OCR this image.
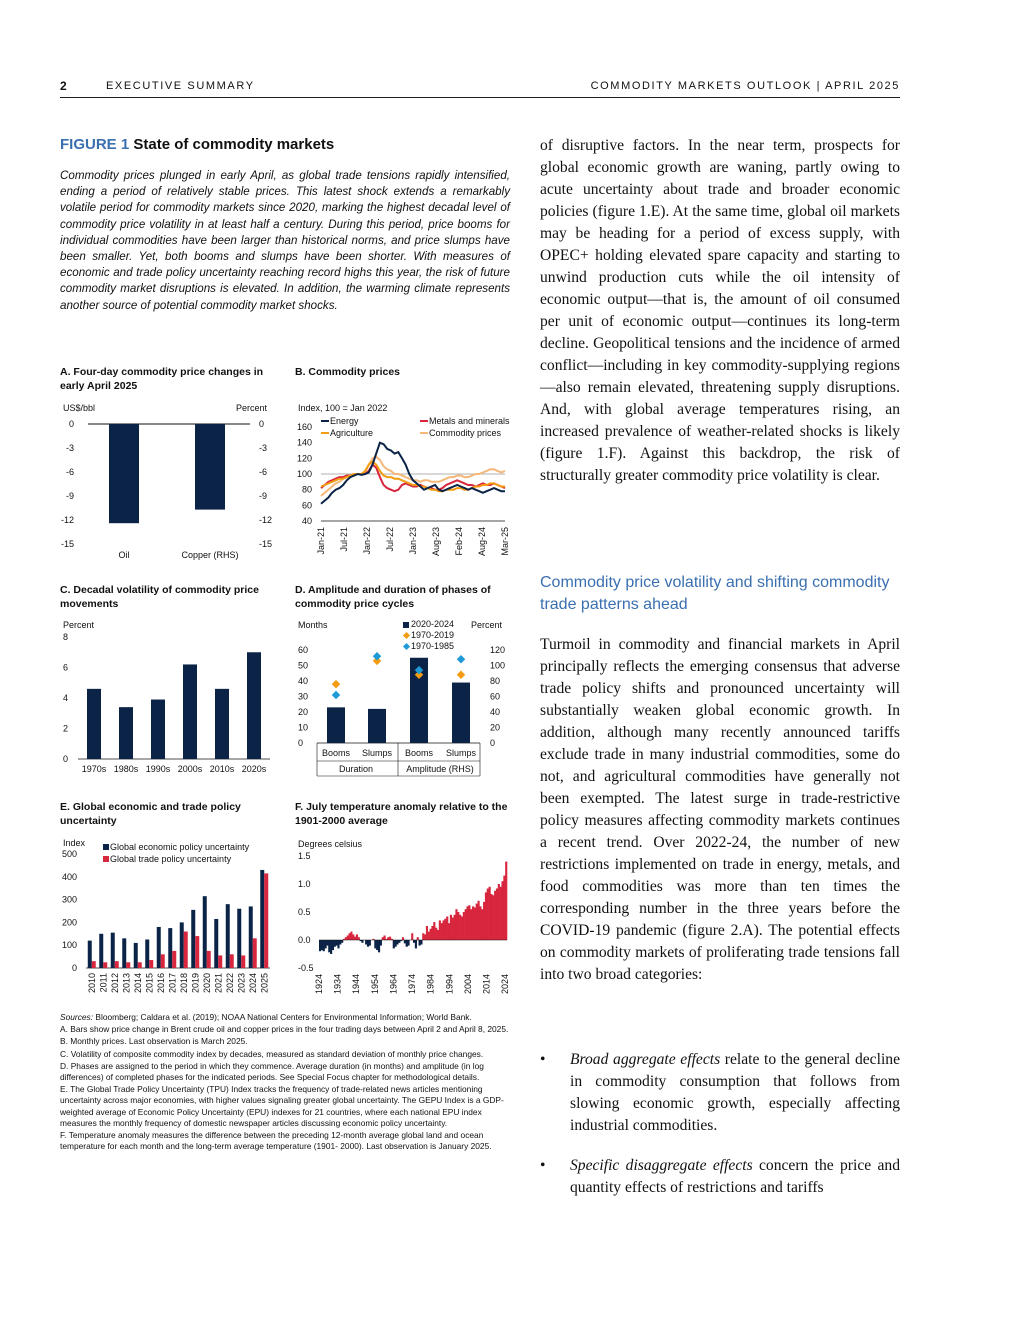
2	EXECUTIVE SUMMARY	COMMODITY MARKETS OUTLOOK | APRIL 2025
FIGURE 1 State of commodity markets
Commodity prices plunged in early April, as global trade tensions rapidly intensified, ending a period of relatively stable prices. This latest shock extends a remarkably volatile period for commodity markets since 2020, marking the highest decadal level of commodity price volatility in at least half a century. During this period, price booms for individual commodities have been larger than historical norms, and price slumps have been smaller. Yet, both booms and slumps have been shorter. With measures of economic and trade policy uncertainty reaching record highs this year, the risk of future commodity market disruptions is elevated. In addition, the warming climate represents another source of potential commodity market shocks.
A. Four-day commodity price changes in early April 2025
B. Commodity prices
C. Decadal volatility of commodity price movements
D. Amplitude and duration of phases of commodity price cycles
E. Global economic and trade policy uncertainty
F. July temperature anomaly relative to the 1901-2000 average
US$/bbl	Percent
0	0
-3	-3
-6	-6
-9	-9
-12	-12
-15	-15
Oil	Copper (RHS)
Index, 100 = Jan 2022
160
140
120
100
80
60
40
Energy	Metals and minerals
Agriculture	Commodity prices
Jan-21 Jul-21 Jan-22 Jul-22 Jan-23 Aug-23 Feb-24 Aug-24 Mar-25
Percent
8
6
4
2
0
1970s 1980s 1990s 2000s 2010s 2020s
Months	Percent
60
50
40
30
20
10
0
120
100
80
60
40
20
0
Booms Slumps Booms Slumps
Duration	Amplitude (RHS)
2020-2024
1970-2019
1970-1985
Index
500
400
300
200
100
0
2010 2011 2012 2013 2014 2015 2016 2017 2018 2019 2020 2021 2022 2023 2024 2025
Global economic policy uncertainty
Global trade policy uncertainty
Degrees celsius
1.5
1.0
0.5
0.0
-0.5
1924 1934 1944 1954 1964 1974 1984 1994 2004 2014 2024

Sources: Bloomberg; Caldara et al. (2019); NOAA National Centers for Environmental Information; World Bank.

A. Bars show price change in Brent crude oil and copper prices in the four trading days between April 2 and April 8, 2025.

B. Monthly prices. Last observation is March 2025.

C. Volatility of composite commodity index by decades, measured as standard deviation of monthly price changes.

D. Phases are assigned to the period in which they commence. Average duration (in months) and amplitude (in log differences) of completed phases for the indicated periods. See Special Focus chapter for methodological details.

E. The Global Trade Policy Uncertainty (TPU) Index tracks the frequency of trade-related news articles mentioning uncertainty across major economies, with higher values signaling greater global uncertainty. The GEPU Index is a GDP-weighted average of Economic Policy Uncertainty (EPU) indexes for 21 countries, where each national EPU index measures the monthly frequency of domestic newspaper articles discussing economic policy uncertainty.

F. Temperature anomaly measures the difference between the preceding 12-month average global land and ocean temperature for each month and the long-term average temperature (1901- 2000). Last observation is January 2025.

of disruptive factors. In the near term, prospects for global economic growth are waning, partly owing to acute uncertainty about trade and broader economic policies (figure 1.E). At the same time, global oil markets may be heading for a period of excess supply, with OPEC+ holding elevated spare capacity and starting to unwind production cuts while the oil intensity of economic output—that is, the amount of oil consumed per unit of economic output—continues its long-term decline. Geopolitical tensions and the incidence of armed conflict—including in key commodity-supplying regions—also remain elevated, threatening supply disruptions. And, with global average temperatures rising, an increased prevalence of weather-related shocks is likely (figure 1.F). Against this backdrop, the risk of structurally greater commodity price volatility is clear.

Commodity price volatility and shifting commodity trade patterns ahead

Turmoil in commodity and financial markets in April principally reflects the emerging consensus that adverse trade policy shifts and pronounced uncertainty will substantially weaken global economic growth. In addition, although many recently announced tariffs exclude trade in many industrial commodities, some do not, and agricultural commodities have generally not been exempted. The latest surge in trade-restrictive policy measures affecting commodity markets continues a recent trend. Over 2022-24, the number of new restrictions implemented on trade in energy, metals, and food commodities was more than ten times the corresponding number in the three years before the COVID-19 pandemic (figure 2.A). The potential effects on commodity markets of proliferating trade tensions fall into two broad categories:

• Broad aggregate effects relate to the general decline in commodity consumption that follows from slowing economic growth, especially affecting industrial commodities.
• Specific disaggregate effects concern the price and quantity effects of restrictions and tariffs
